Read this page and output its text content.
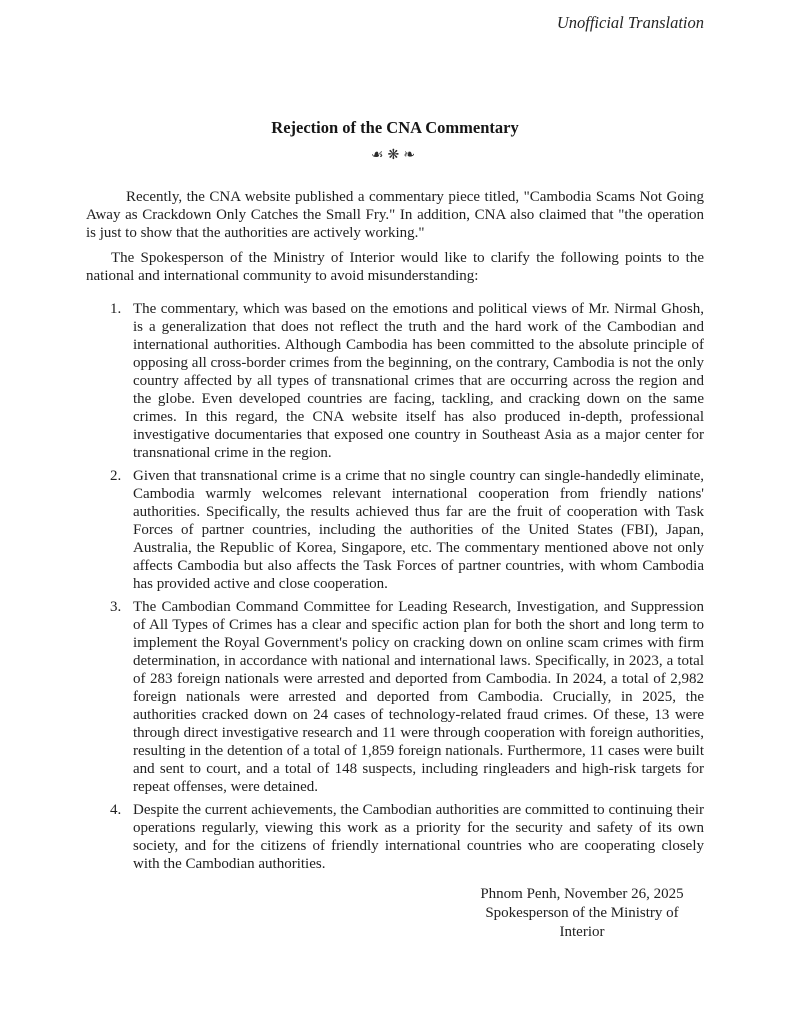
Unofficial Translation
Rejection of the CNA Commentary
☙❋❧

Recently, the CNA website published a commentary piece titled, "Cambodia Scams Not Going Away as Crackdown Only Catches the Small Fry." In addition, CNA also claimed that "the operation is just to show that the authorities are actively working."

The Spokesperson of the Ministry of Interior would like to clarify the following points to the national and international community to avoid misunderstanding:

1. The commentary, which was based on the emotions and political views of Mr. Nirmal Ghosh, is a generalization that does not reflect the truth and the hard work of the Cambodian and international authorities. Although Cambodia has been committed to the absolute principle of opposing all cross-border crimes from the beginning, on the contrary, Cambodia is not the only country affected by all types of transnational crimes that are occurring across the region and the globe. Even developed countries are facing, tackling, and cracking down on the same crimes. In this regard, the CNA website itself has also produced in-depth, professional investigative documentaries that exposed one country in Southeast Asia as a major center for transnational crime in the region.
2. Given that transnational crime is a crime that no single country can single-handedly eliminate, Cambodia warmly welcomes relevant international cooperation from friendly nations' authorities. Specifically, the results achieved thus far are the fruit of cooperation with Task Forces of partner countries, including the authorities of the United States (FBI), Japan, Australia, the Republic of Korea, Singapore, etc. The commentary mentioned above not only affects Cambodia but also affects the Task Forces of partner countries, with whom Cambodia has provided active and close cooperation.
3. The Cambodian Command Committee for Leading Research, Investigation, and Suppression of All Types of Crimes has a clear and specific action plan for both the short and long term to implement the Royal Government's policy on cracking down on online scam crimes with firm determination, in accordance with national and international laws. Specifically, in 2023, a total of 283 foreign nationals were arrested and deported from Cambodia. In 2024, a total of 2,982 foreign nationals were arrested and deported from Cambodia. Crucially, in 2025, the authorities cracked down on 24 cases of technology-related fraud crimes. Of these, 13 were through direct investigative research and 11 were through cooperation with foreign authorities, resulting in the detention of a total of 1,859 foreign nationals. Furthermore, 11 cases were built and sent to court, and a total of 148 suspects, including ringleaders and high-risk targets for repeat offenses, were detained.
4. Despite the current achievements, the Cambodian authorities are committed to continuing their operations regularly, viewing this work as a priority for the security and safety of its own society, and for the citizens of friendly international countries who are cooperating closely with the Cambodian authorities.
Phnom Penh, November 26, 2025
Spokesperson of the Ministry of Interior
